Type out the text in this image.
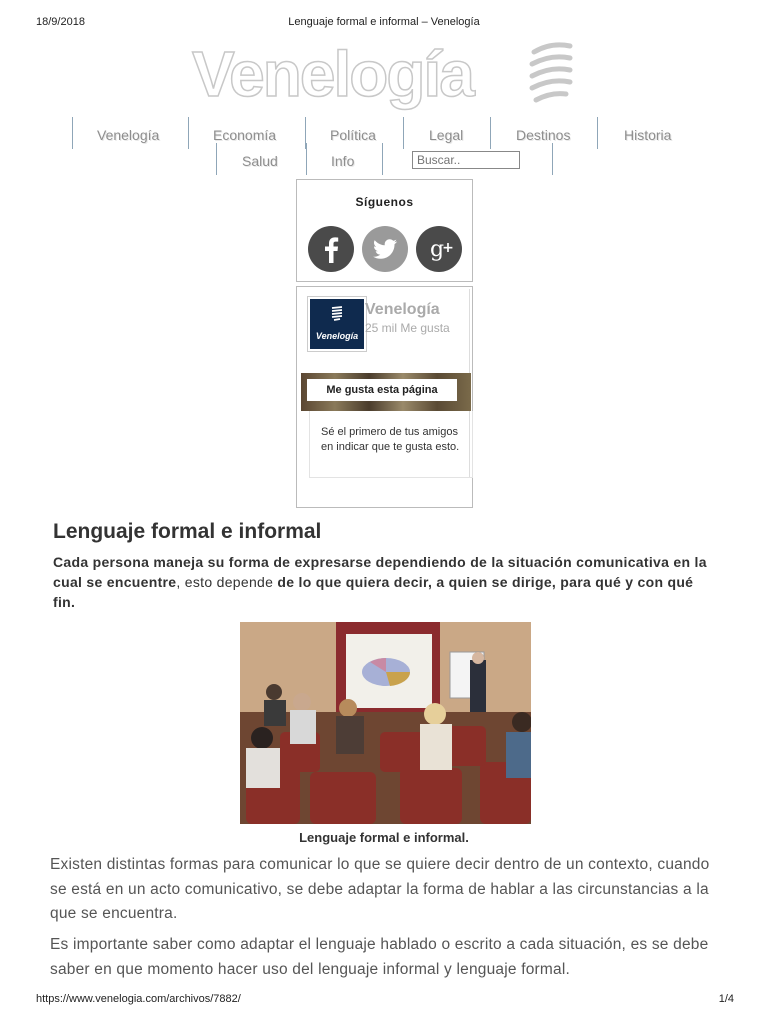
18/9/2018	Lenguaje formal e informal – Venelogía
Venelogía
Venelogía	Economía	Política	Legal	Destinos	Historia
Salud	Info
Buscar..
Síguenos
g
+
Venelogía
Venelogía
25 mil Me gusta
Me gusta esta página
Sé el primero de tus amigos en indicar que te gusta esto.
Lenguaje formal e informal
Cada persona maneja su forma de expresarse dependiendo de la situación comunicativa en la cual se encuentre, esto depende de lo que quiera decir, a quien se dirige, para qué y con qué fin.
Lenguaje formal e informal.
Existen distintas formas para comunicar lo que se quiere decir dentro de un contexto, cuando se está en un acto comunicativo, se debe adaptar la forma de hablar a las circunstancias a la que se encuentra.
Es importante saber como adaptar el lenguaje hablado o escrito a cada situación, es se debe saber en que momento hacer uso del lenguaje informal y lenguaje formal.
https://www.venelogia.com/archivos/7882/	1/4
